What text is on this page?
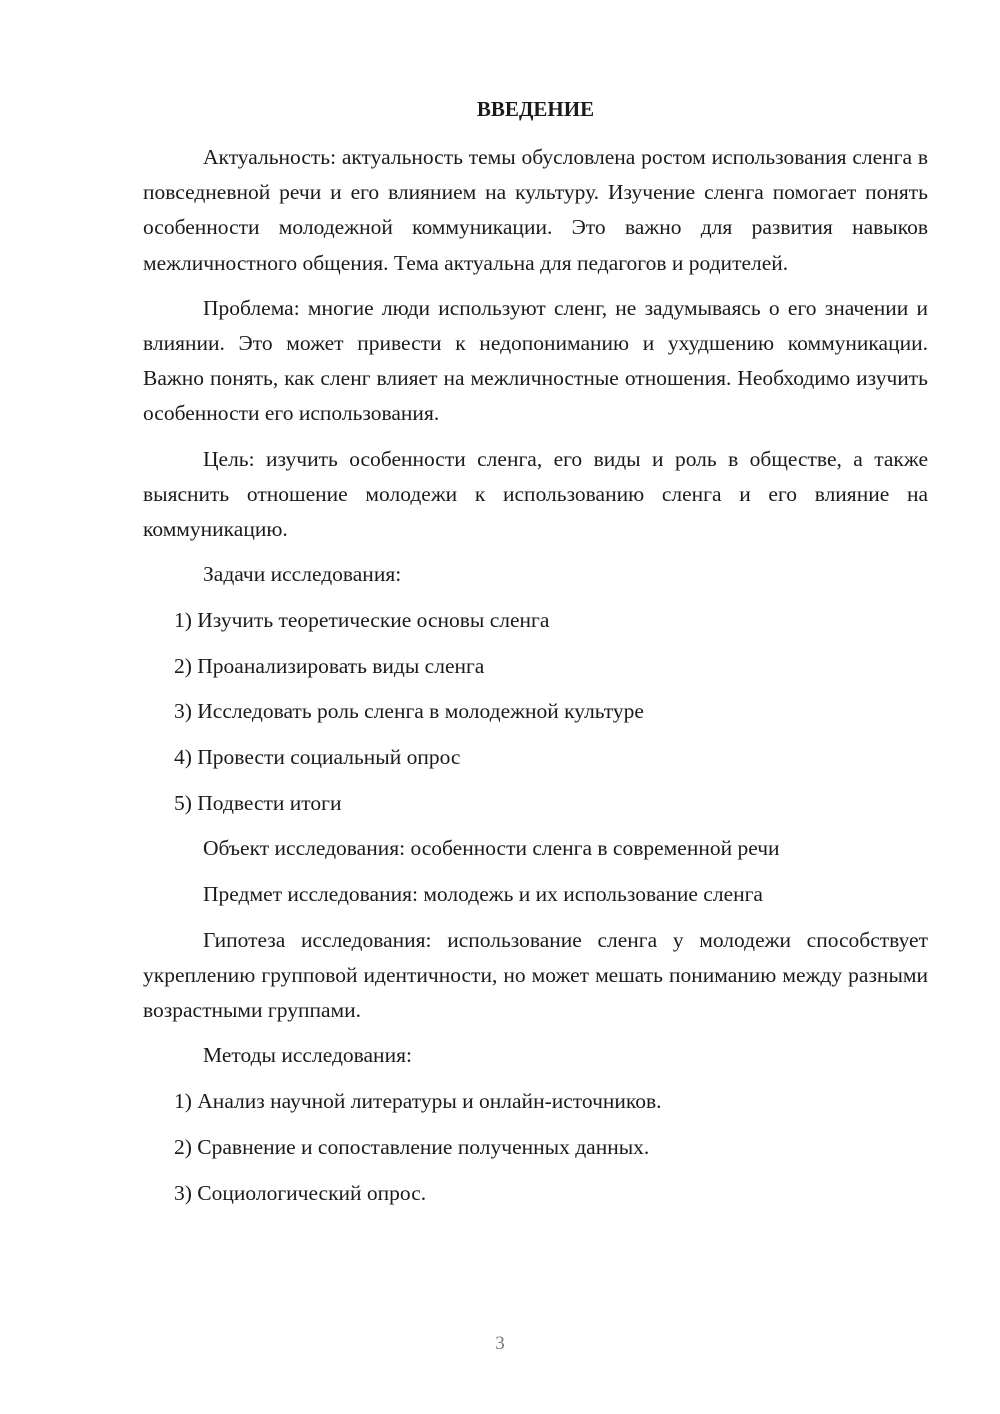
ВВЕДЕНИЕ

Актуальность: актуальность темы обусловлена ростом использования сленга в повседневной речи и его влиянием на культуру. Изучение сленга помогает понять особенности молодежной коммуникации. Это важно для развития навыков межличностного общения. Тема актуальна для педагогов и родителей.

Проблема: многие люди используют сленг, не задумываясь о его значении и влиянии. Это может привести к недопониманию и ухудшению коммуникации. Важно понять, как сленг влияет на межличностные отношения. Необходимо изучить особенности его использования.

Цель: изучить особенности сленга, его виды и роль в обществе, а также выяснить отношение молодежи к использованию сленга и его влияние на коммуникацию.

Задачи исследования:
1) Изучить теоретические основы сленга
2) Проанализировать виды сленга
3) Исследовать роль сленга в молодежной культуре
4) Провести социальный опрос
5) Подвести итоги
Объект исследования: особенности сленга в современной речи
Предмет исследования: молодежь и их использование сленга

Гипотеза исследования: использование сленга у молодежи способствует укреплению групповой идентичности, но может мешать пониманию между разными возрастными группами.

Методы исследования:
1) Анализ научной литературы и онлайн-источников.
2) Сравнение и сопоставление полученных данных.
3) Социологический опрос.
3
